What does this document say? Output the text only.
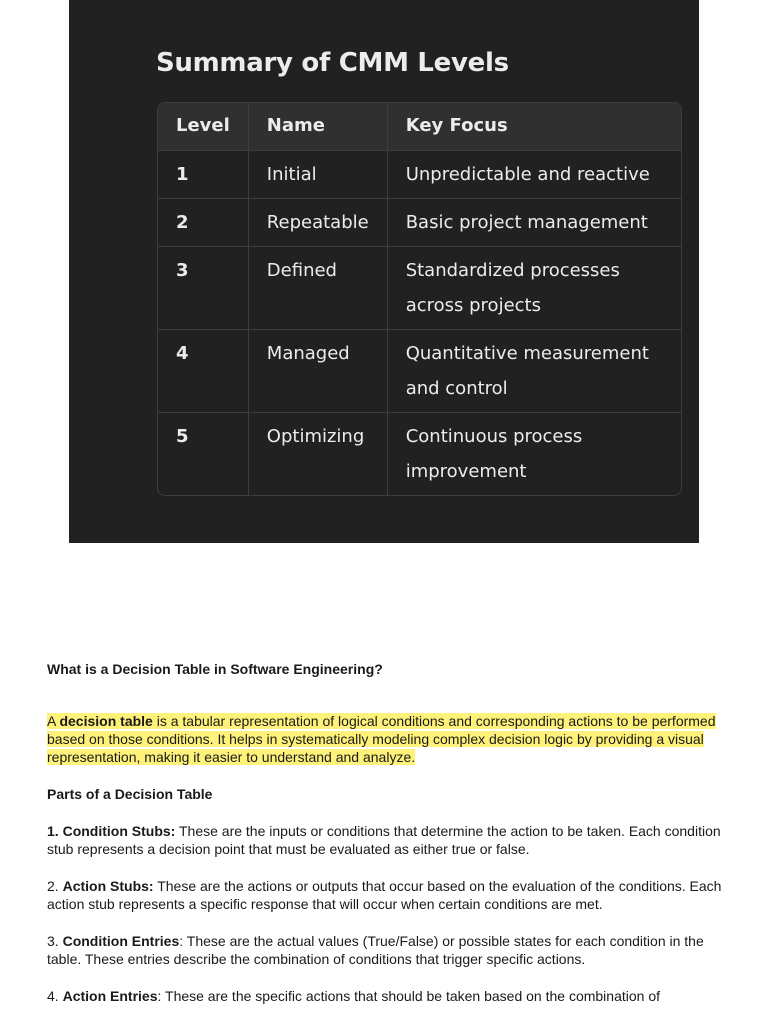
Summary of CMM Levels
Level	Name	Key Focus
1	Initial	Unpredictable and reactive
2	Repeatable	Basic project management
3	Defined	Standardized processes across projects
4	Managed	Quantitative measurement and control
5	Optimizing	Continuous process improvement
What is a Decision Table in Software Engineering?

A decision table is a tabular representation of logical conditions and corresponding actions to be performed based on those conditions. It helps in systematically modeling complex decision logic by providing a visual representation, making it easier to understand and analyze.

Parts of a Decision Table

1. Condition Stubs: These are the inputs or conditions that determine the action to be taken. Each condition stub represents a decision point that must be evaluated as either true or false.

2. Action Stubs: These are the actions or outputs that occur based on the evaluation of the conditions. Each action stub represents a specific response that will occur when certain conditions are met.

3. Condition Entries: These are the actual values (True/False) or possible states for each condition in the table. These entries describe the combination of conditions that trigger specific actions.

4. Action Entries: These are the specific actions that should be taken based on the combination of
